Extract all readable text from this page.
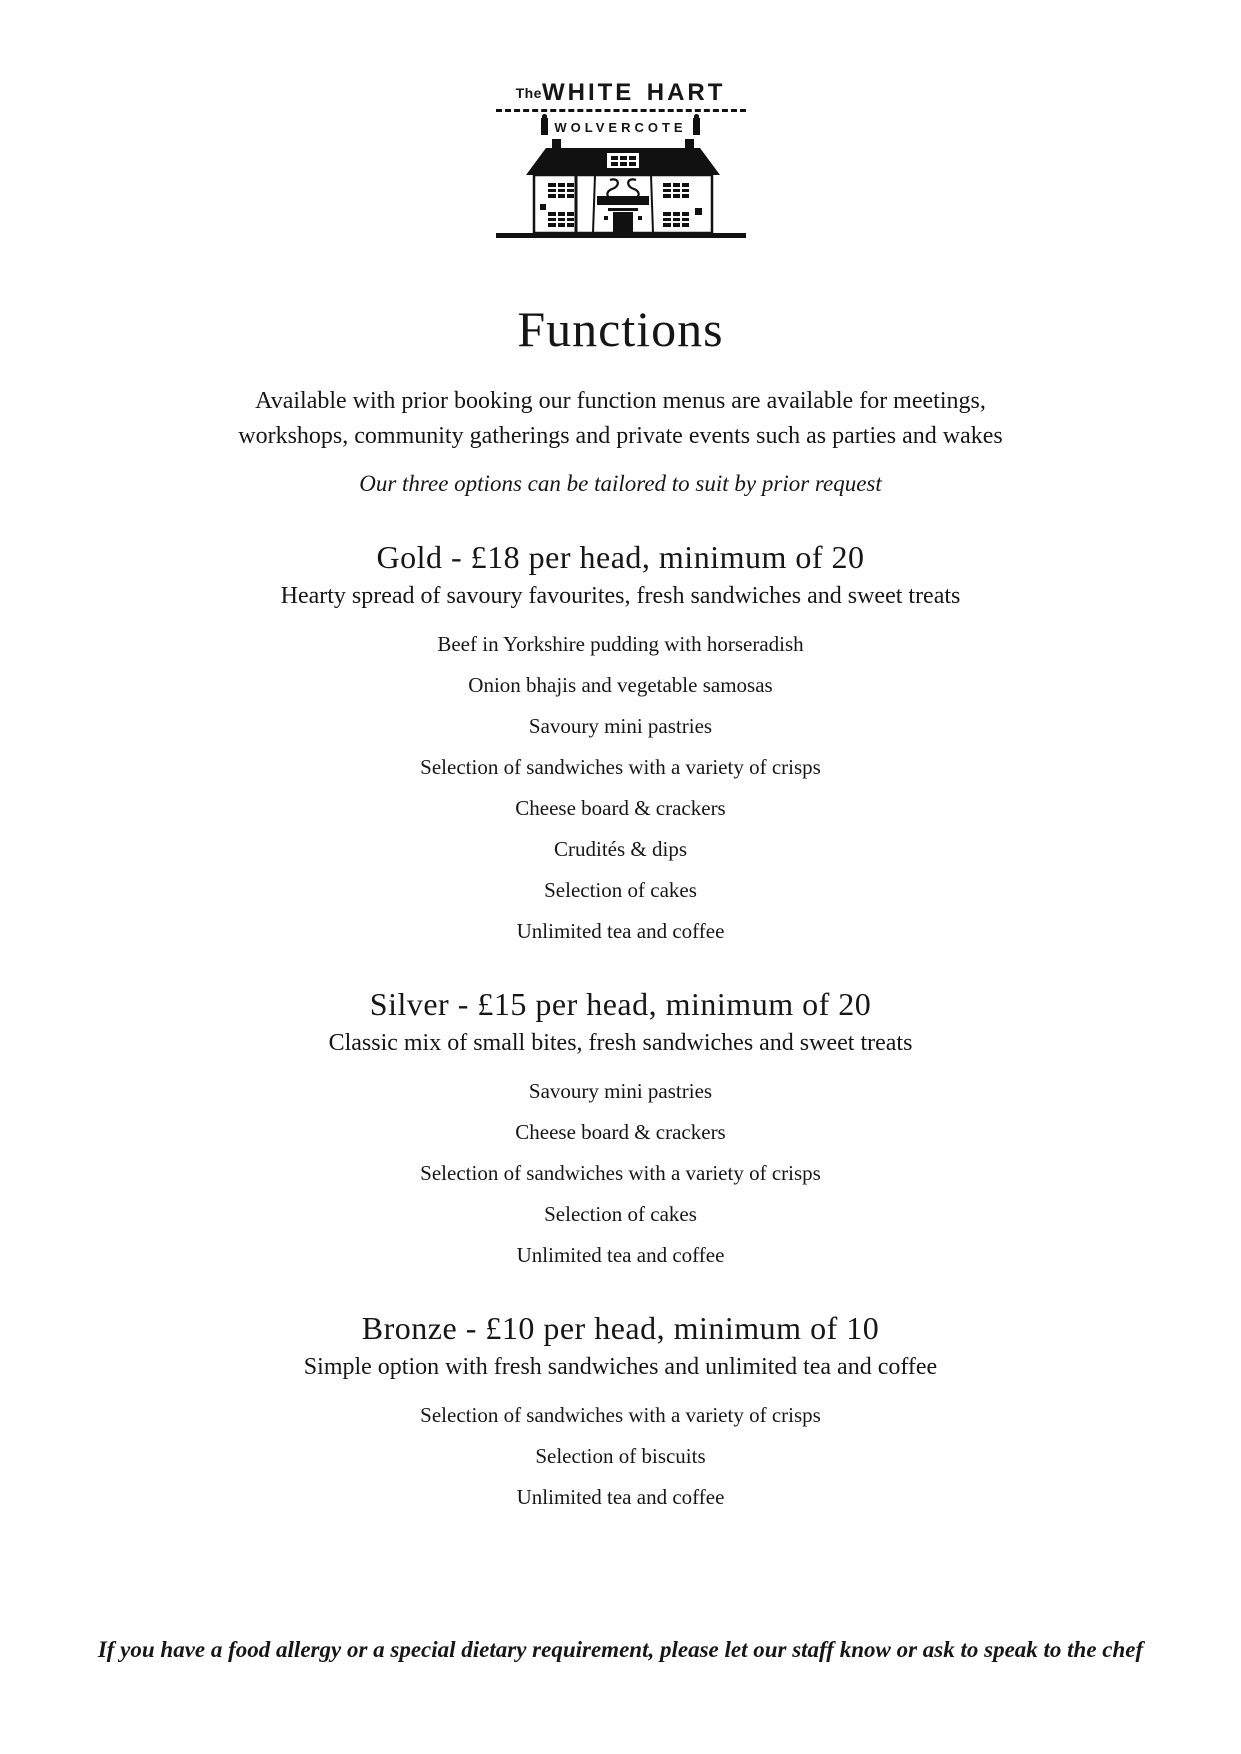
Thewhite hart
wolvercote
Functions
Available with prior booking our function menus are available for meetings,
workshops, community gatherings and private events such as parties and wakes
Our three options can be tailored to suit by prior request
Gold - £18 per head, minimum of 20
Hearty spread of savoury favourites, fresh sandwiches and sweet treats
Beef in Yorkshire pudding with horseradish
Onion bhajis and vegetable samosas
Savoury mini pastries
Selection of sandwiches with a variety of crisps
Cheese board & crackers
Crudités & dips
Selection of cakes
Unlimited tea and coffee
Silver - £15 per head, minimum of 20
Classic mix of small bites, fresh sandwiches and sweet treats
Savoury mini pastries
Cheese board & crackers
Selection of sandwiches with a variety of crisps
Selection of cakes
Unlimited tea and coffee
Bronze - £10 per head, minimum of 10
Simple option with fresh sandwiches and unlimited tea and coffee
Selection of sandwiches with a variety of crisps
Selection of biscuits
Unlimited tea and coffee
If you have a food allergy or a special dietary requirement, please let our staff know or ask to speak to the chef
